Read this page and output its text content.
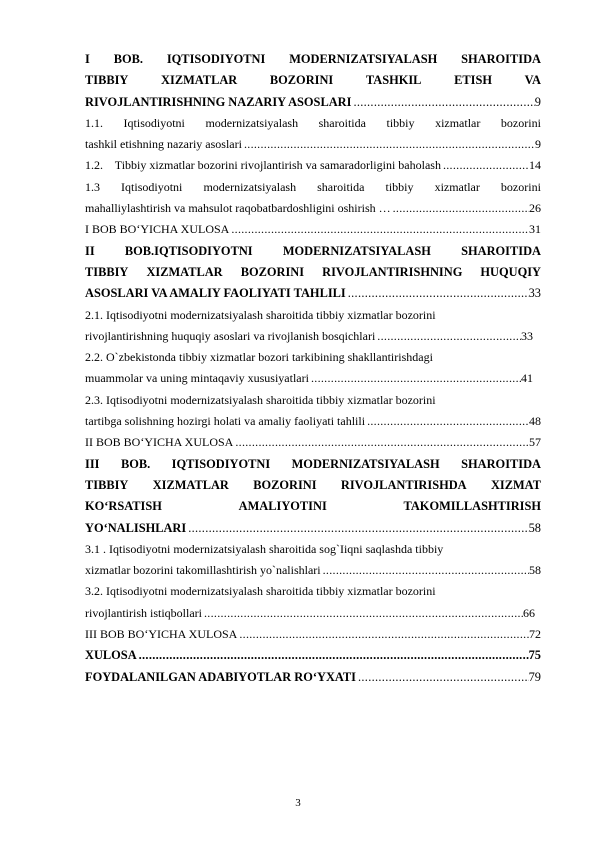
I BOB. IQTISODIYOTNI MODERNIZATSIYALASH SHAROITIDA
TIBBIY	XIZMATLAR	BOZORINI	TASHKIL	ETISH	VA
RIVOJLANTIRISHNING NAZARIY ASOSLARI .....	9
1.1. Iqtisodiyotni modernizatsiyalash sharoitida tibbiy xizmatlar bozorini
tashkil etishning nazariy asoslari .....	9
1.2.    Tibbiy xizmatlar bozorini rivojlantirish va samaradorligini baholash .....	14
1.3 Iqtisodiyotni modernizatsiyalash sharoitida tibbiy xizmatlar bozorini
mahalliylashtirish va mahsulot raqobatbardoshligini oshirish … .....	26
I BOB BO‘YICHA XULOSA .....	31
II BOB.IQTISODIYOTNI MODERNIZATSIYALASH SHAROITIDA
TIBBIY XIZMATLAR BOZORINI RIVOJLANTIRISHNING HUQUQIY
ASOSLARI VA AMALIY FAOLIYATI TAHLILI .....	33
2.1. Iqtisodiyotni modernizatsiyalash sharoitida tibbiy xizmatlar bozorini
rivojlantirishning huquqiy asoslari va rivojlanish bosqichlari .....	33
2.2. O`zbekistonda tibbiy xizmatlar bozori tarkibining shakllantirishdagi
muammolar va uning mintaqaviy xususiyatlari .....	41
2.3. Iqtisodiyotni modernizatsiyalash sharoitida tibbiy xizmatlar bozorini
tartibga solishning hozirgi holati va amaliy faoliyati tahlili .....	48
II BOB BO‘YICHA XULOSA .....	57
III BOB. IQTISODIYOTNI MODERNIZATSIYALASH SHAROITIDA
TIBBIY XIZMATLAR BOZORINI RIVOJLANTIRISHDA XIZMAT
KO‘RSATISH	AMALIYOTINI	TAKOMILLASHTIRISH
YO‘NALISHLARI .....	58
3.1 . Iqtisodiyotni modernizatsiyalash sharoitida sog`Iiqni saqlashda tibbiy
xizmatlar bozorini takomillashtirish yo`nalishlari .....	58
3.2. Iqtisodiyotni modernizatsiyalash sharoitida tibbiy xizmatlar bozorini
rivojlantirish istiqbollari .....	66
III BOB BO‘YICHA XULOSA .....	72
XULOSA .....	75
FOYDALANILGAN ADABIYOTLAR RO‘YXATI .....	79
3
